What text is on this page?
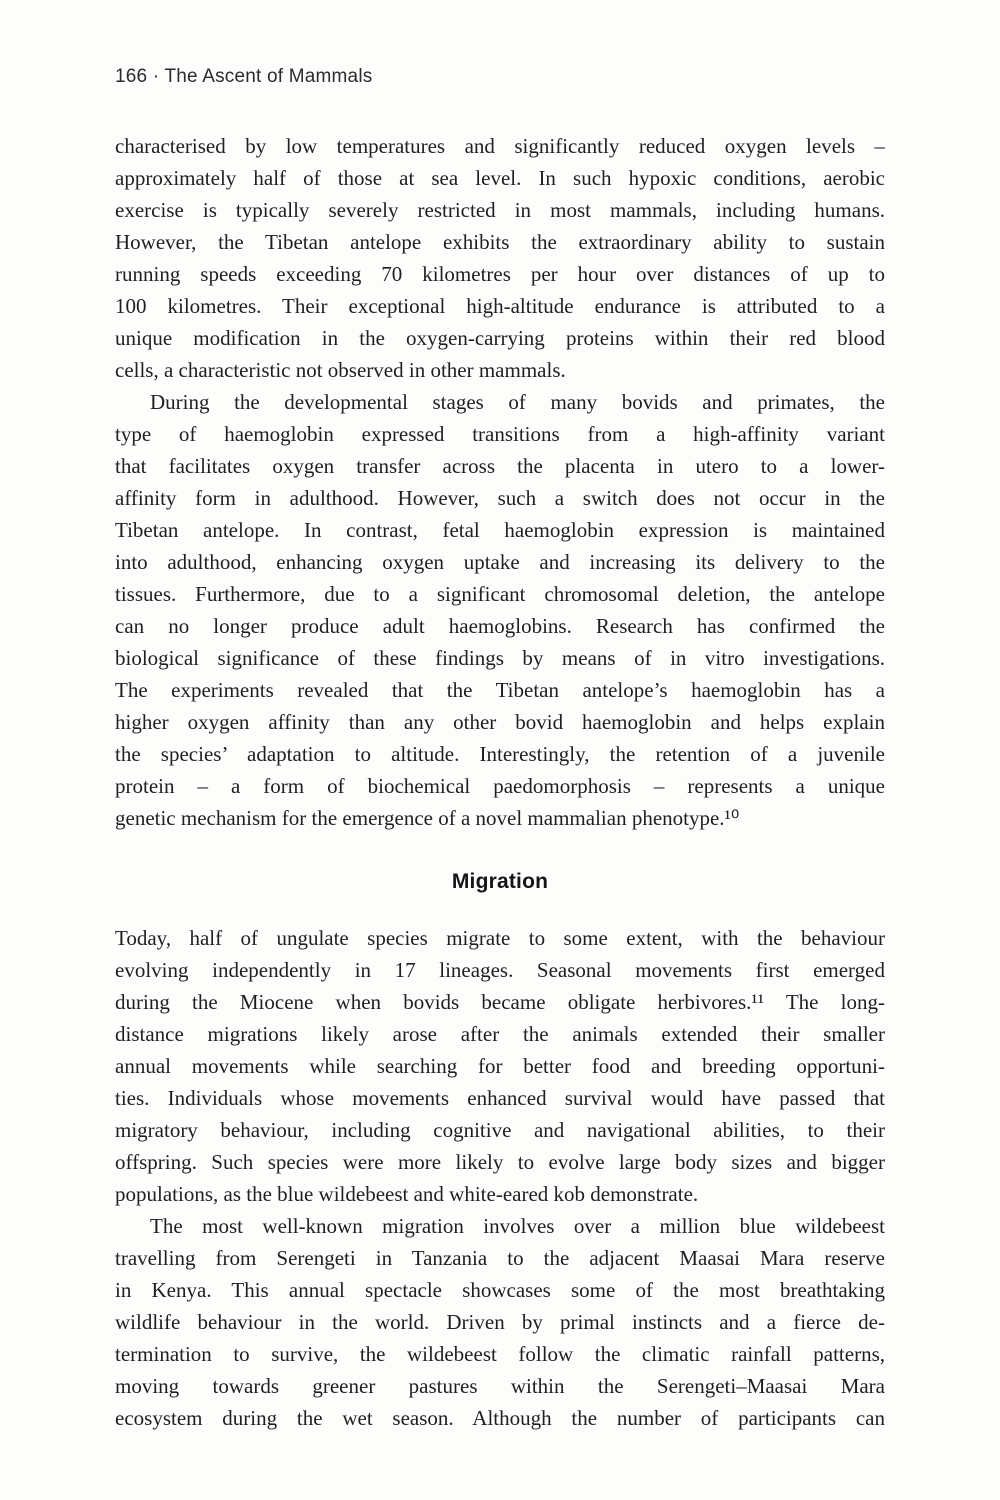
166 · The Ascent of Mammals
characterised by low temperatures and significantly reduced oxygen levels –
approximately half of those at sea level. In such hypoxic conditions, aerobic
exercise is typically severely restricted in most mammals, including humans.
However, the Tibetan antelope exhibits the extraordinary ability to sustain
running speeds exceeding 70 kilometres per hour over distances of up to
100 kilometres. Their exceptional high-altitude endurance is attributed to a
unique modification in the oxygen-carrying proteins within their red blood
cells, a characteristic not observed in other mammals.
During the developmental stages of many bovids and primates, the
type of haemoglobin expressed transitions from a high-affinity variant
that facilitates oxygen transfer across the placenta in utero to a lower-
affinity form in adulthood. However, such a switch does not occur in the
Tibetan antelope. In contrast, fetal haemoglobin expression is maintained
into adulthood, enhancing oxygen uptake and increasing its delivery to the
tissues. Furthermore, due to a significant chromosomal deletion, the antelope
can no longer produce adult haemoglobins. Research has confirmed the
biological significance of these findings by means of in vitro investigations.
The experiments revealed that the Tibetan antelope’s haemoglobin has a
higher oxygen affinity than any other bovid haemoglobin and helps explain
the species’ adaptation to altitude. Interestingly, the retention of a juvenile
protein – a form of biochemical paedomorphosis – represents a unique
genetic mechanism for the emergence of a novel mammalian phenotype.¹⁰
Migration
Today, half of ungulate species migrate to some extent, with the behaviour
evolving independently in 17 lineages. Seasonal movements first emerged
during the Miocene when bovids became obligate herbivores.¹¹ The long-
distance migrations likely arose after the animals extended their smaller
annual movements while searching for better food and breeding opportuni-
ties. Individuals whose movements enhanced survival would have passed that
migratory behaviour, including cognitive and navigational abilities, to their
offspring. Such species were more likely to evolve large body sizes and bigger
populations, as the blue wildebeest and white-eared kob demonstrate.
The most well-known migration involves over a million blue wildebeest
travelling from Serengeti in Tanzania to the adjacent Maasai Mara reserve
in Kenya. This annual spectacle showcases some of the most breathtaking
wildlife behaviour in the world. Driven by primal instincts and a fierce de-
termination to survive, the wildebeest follow the climatic rainfall patterns,
moving towards greener pastures within the Serengeti–Maasai Mara
ecosystem during the wet season. Although the number of participants can
